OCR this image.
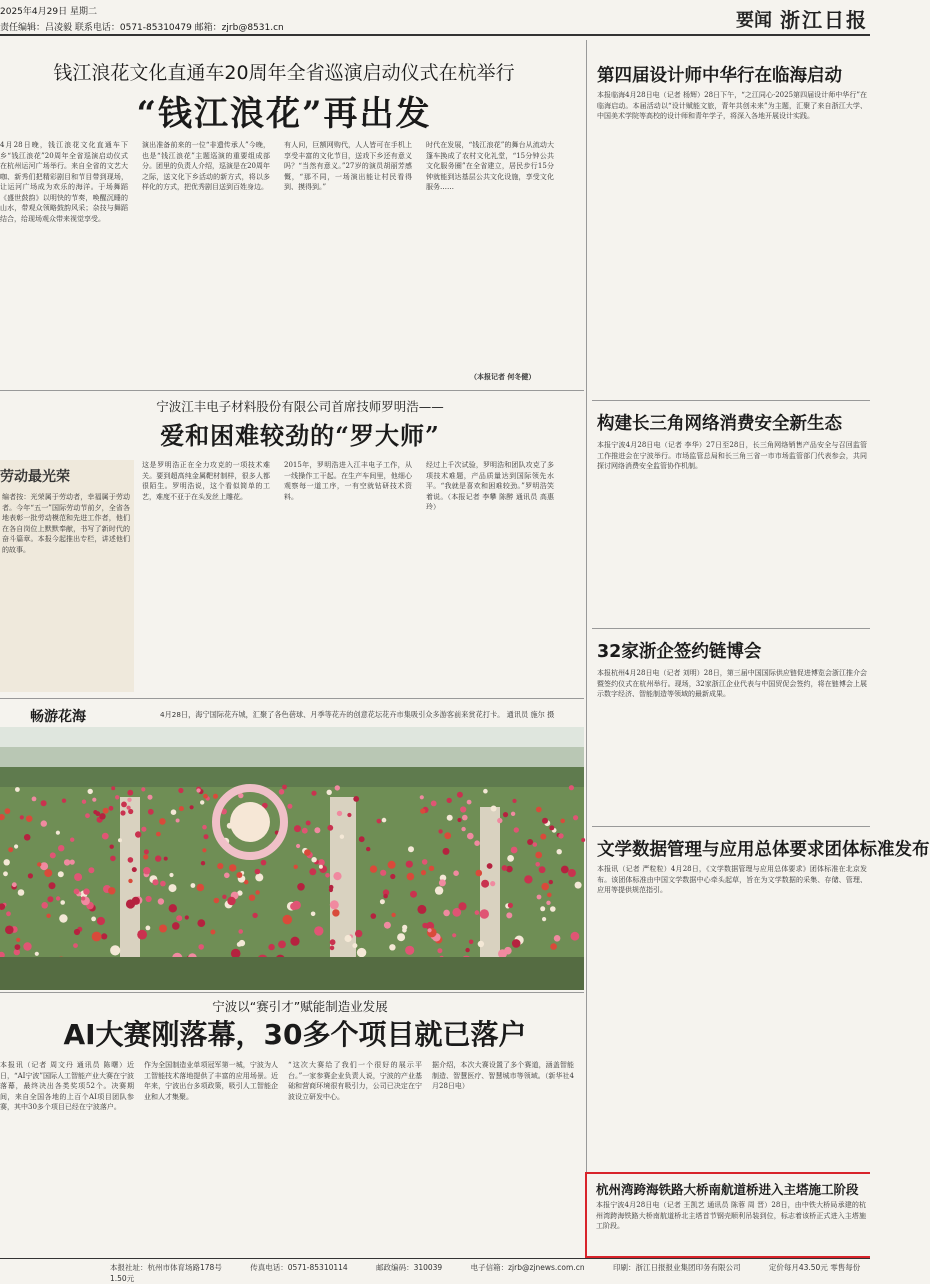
2025年4月29日 星期二
责任编辑：吕凌毅 联系电话：0571-85310479 邮箱：zjrb@8531.cn	要闻 浙江日报
钱江浪花文化直通车20周年全省巡演启动仪式在杭举行
“钱江浪花”再出发
4月28日晚，钱江浪花文化直通车下乡“钱江浪花”20周年全省巡演启动仪式在杭州运河广场举行。来自全省的文艺大咖、新秀们把精彩剧目和节目带到现场，让运河广场成为欢乐的海洋。于场舞蹈《盛世鼓韵》以明快的节奏，唤醒沉睡的山水，带观众领略鼓韵风采；杂技与舞蹈结合，给现场观众带来视觉享受。
演出准备前来的一位“非遗传承人”今晚，也是“钱江浪花”主题巡演的重要组成部分。团里的负责人介绍，巡演是在20周年之际，送文化下乡活动的新方式，将以多样化的方式，把优秀剧目送到百姓身边。
有人问，巨额网购代，人人皆可在手机上享受丰富的文化节目，送戏下乡还有意义吗？“当然有意义。”27岁的演员胡丽芳感慨，“那不同，一场演出能让村民看得到、摸得到。”
时代在发展，“钱江浪花”的舞台从流动大篷车换成了农村文化礼堂，“15分钟公共文化服务圈”在全省建立，居民步行15分钟就能到达基层公共文化设施，享受文化服务……
（本报记者 何冬健）
宁波江丰电子材料股份有限公司首席技师罗明浩——
爱和困难较劲的“罗大师”
劳动最光荣
编者按：光荣属于劳动者，幸福属于劳动者。今年“五一”国际劳动节前夕，全省各地表彰一批劳动模范和先进工作者，他们在各自岗位上默默奉献，书写了新时代的奋斗篇章。本报今起推出专栏，讲述他们的故事。
这是罗明浩正在全力攻克的一项技术难关。要到超高纯金属靶材制样，很多人都很陌生。罗明浩说，这个看似简单的工艺，难度不亚于在头发丝上雕花。
2015年，罗明浩进入江丰电子工作，从一线操作工干起。在生产车间里，他细心观察每一道工序，一有空就钻研技术资料。
经过上千次试验，罗明浩和团队攻克了多项技术难题，产品质量达到国际领先水平。“我就是喜欢和困难较劲。”罗明浩笑着说。（本报记者 李攀 陈醉 通讯员 高惠玲）
畅游花海	4月28日，海宁国际花卉城，汇聚了各色蓓球、月季等花卉的创意花坛花卉市集吸引众多游客前来赏花打卡。 通讯员 施尔 摄
宁波以“赛引才”赋能制造业发展
AI大赛刚落幕，30多个项目就已落户
本报讯（记者 周文丹 通讯员 陈曙）近日，“AI宁波”国际人工智能产业大赛在宁波落幕，最终决出各类奖项52个。决赛期间，来自全国各地的上百个AI项目团队参赛，其中30多个项目已经在宁波落户。
作为全国制造业单项冠军第一城，宁波为人工智能技术落地提供了丰富的应用场景。近年来，宁波出台多项政策，吸引人工智能企业和人才集聚。
“这次大赛给了我们一个很好的展示平台。”一家参赛企业负责人说，宁波的产业基础和营商环境很有吸引力，公司已决定在宁波设立研发中心。
据介绍，本次大赛设置了多个赛道，涵盖智能制造、智慧医疗、智慧城市等领域。（新华社4月28日电）
第四届设计师中华行在临海启动
本报临海4月28日电（记者 杨辉）28日下午，“之江同心·2025第四届设计师中华行”在临海启动。本届活动以“设计赋能文旅，青年共创未来”为主题，汇聚了来自浙江大学、中国美术学院等高校的设计师和青年学子，将深入各地开展设计实践。
构建长三角网络消费安全新生态
本报宁波4月28日电（记者 李华）27日至28日，长三角网络销售产品安全与召回监管工作推进会在宁波举行。市场监管总局和长三角三省一市市场监管部门代表参会，共同探讨网络消费安全监管协作机制。
32家浙企签约链博会
本报杭州4月28日电（记者 刘明）28日，第三届中国国际供应链促进博览会浙江推介会暨签约仪式在杭州举行。现场，32家浙江企业代表与中国贸促会签约，将在链博会上展示数字经济、智能制造等领域的最新成果。
文学数据管理与应用总体要求团体标准发布
本报讯（记者 严粒粒）4月28日，《文学数据管理与应用总体要求》团体标准在北京发布。该团体标准由中国文学数据中心牵头起草，旨在为文学数据的采集、存储、管理、应用等提供规范指引。
杭州湾跨海铁路大桥南航道桥进入主塔施工阶段
本报宁波4月28日电（记者 王凯艺 通讯员 陈蓉 周 晋）28日，由中铁大桥局承建的杭州湾跨海铁路大桥南航道桥北主塔首节钢壳顺利吊装到位，标志着该桥正式进入主塔施工阶段。
本报社址：杭州市体育场路178号	传真电话：0571-85310114	邮政编码：310039	电子信箱：zjrb@zjnews.com.cn	印刷：浙江日报报业集团印务有限公司	定价每月43.50元 零售每份1.50元
